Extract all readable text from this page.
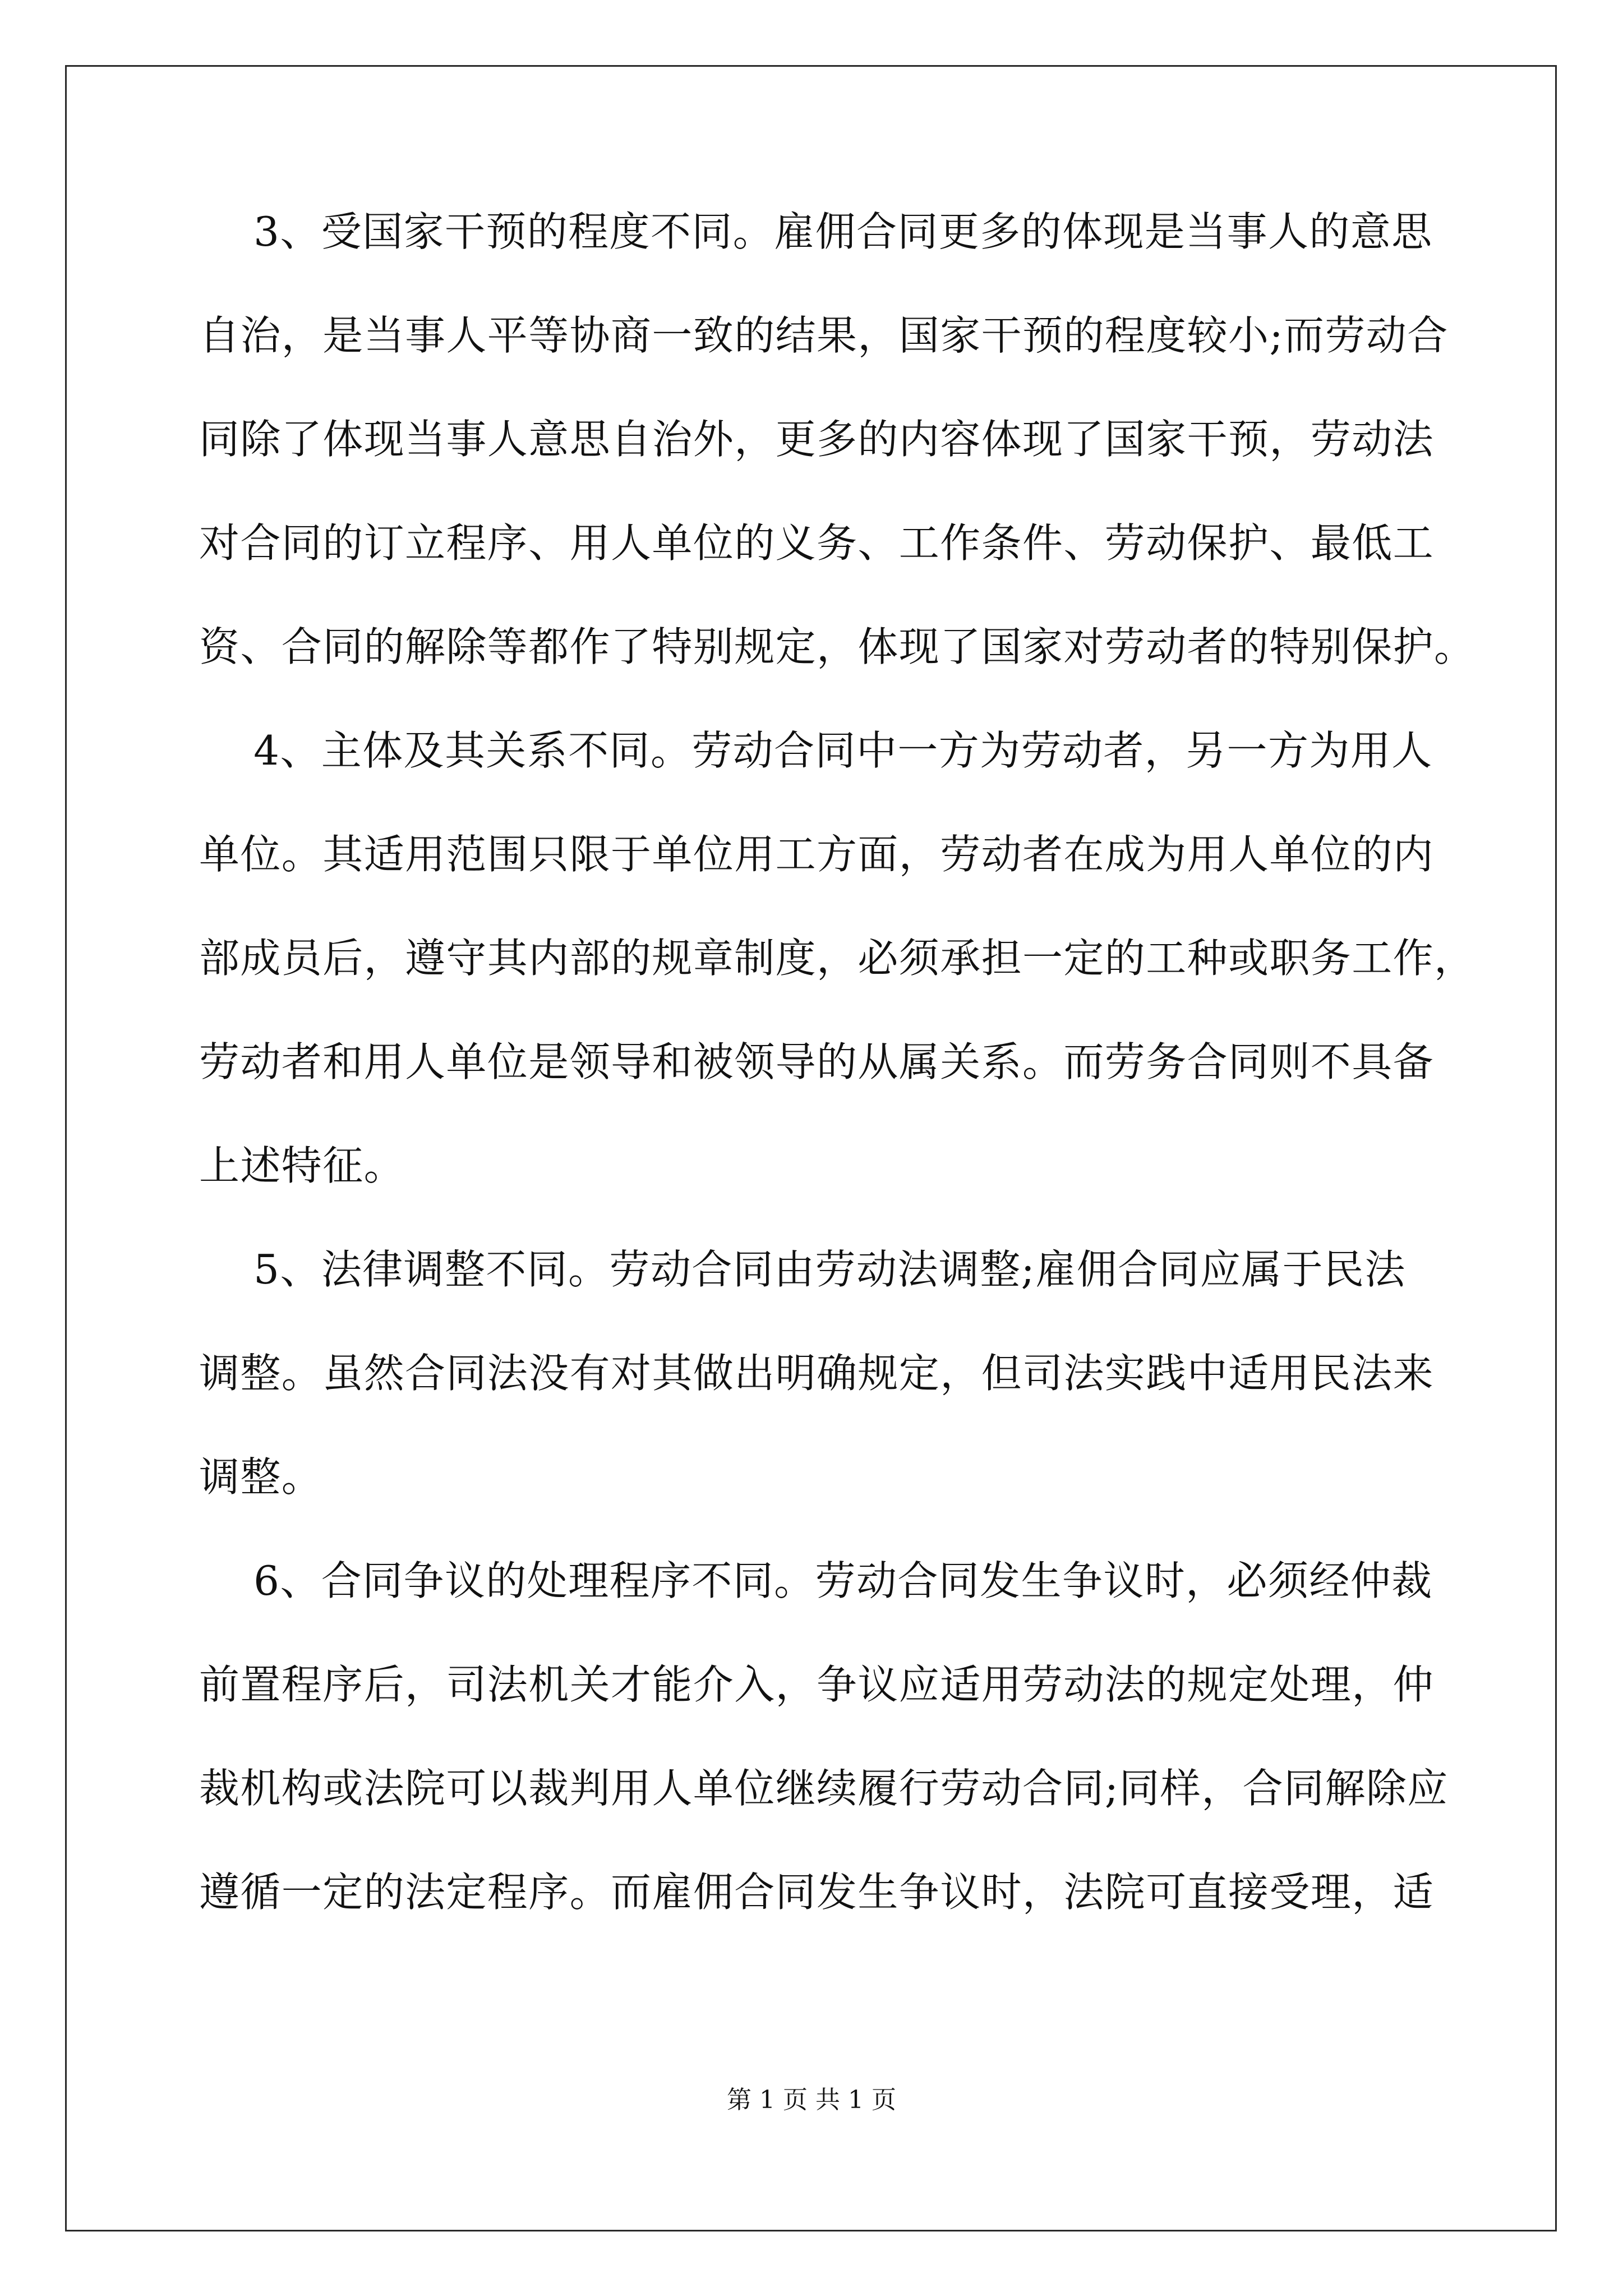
3、受国家干预的程度不同。雇佣合同更多的体现是当事人的意思
自治，是当事人平等协商一致的结果，国家干预的程度较小;而劳动合
同除了体现当事人意思自治外，更多的内容体现了国家干预，劳动法
对合同的订立程序、用人单位的义务、工作条件、劳动保护、最低工
资、合同的解除等都作了特别规定，体现了国家对劳动者的特别保护。
4、主体及其关系不同。劳动合同中一方为劳动者，另一方为用人
单位。其适用范围只限于单位用工方面，劳动者在成为用人单位的内
部成员后，遵守其内部的规章制度，必须承担一定的工种或职务工作，
劳动者和用人单位是领导和被领导的从属关系。而劳务合同则不具备
上述特征。
5、法律调整不同。劳动合同由劳动法调整;雇佣合同应属于民法
调整。虽然合同法没有对其做出明确规定，但司法实践中适用民法来
调整。
6、合同争议的处理程序不同。劳动合同发生争议时，必须经仲裁
前置程序后，司法机关才能介入，争议应适用劳动法的规定处理，仲
裁机构或法院可以裁判用人单位继续履行劳动合同;同样，合同解除应
遵循一定的法定程序。而雇佣合同发生争议时，法院可直接受理，适
第 1 页 共 1 页
